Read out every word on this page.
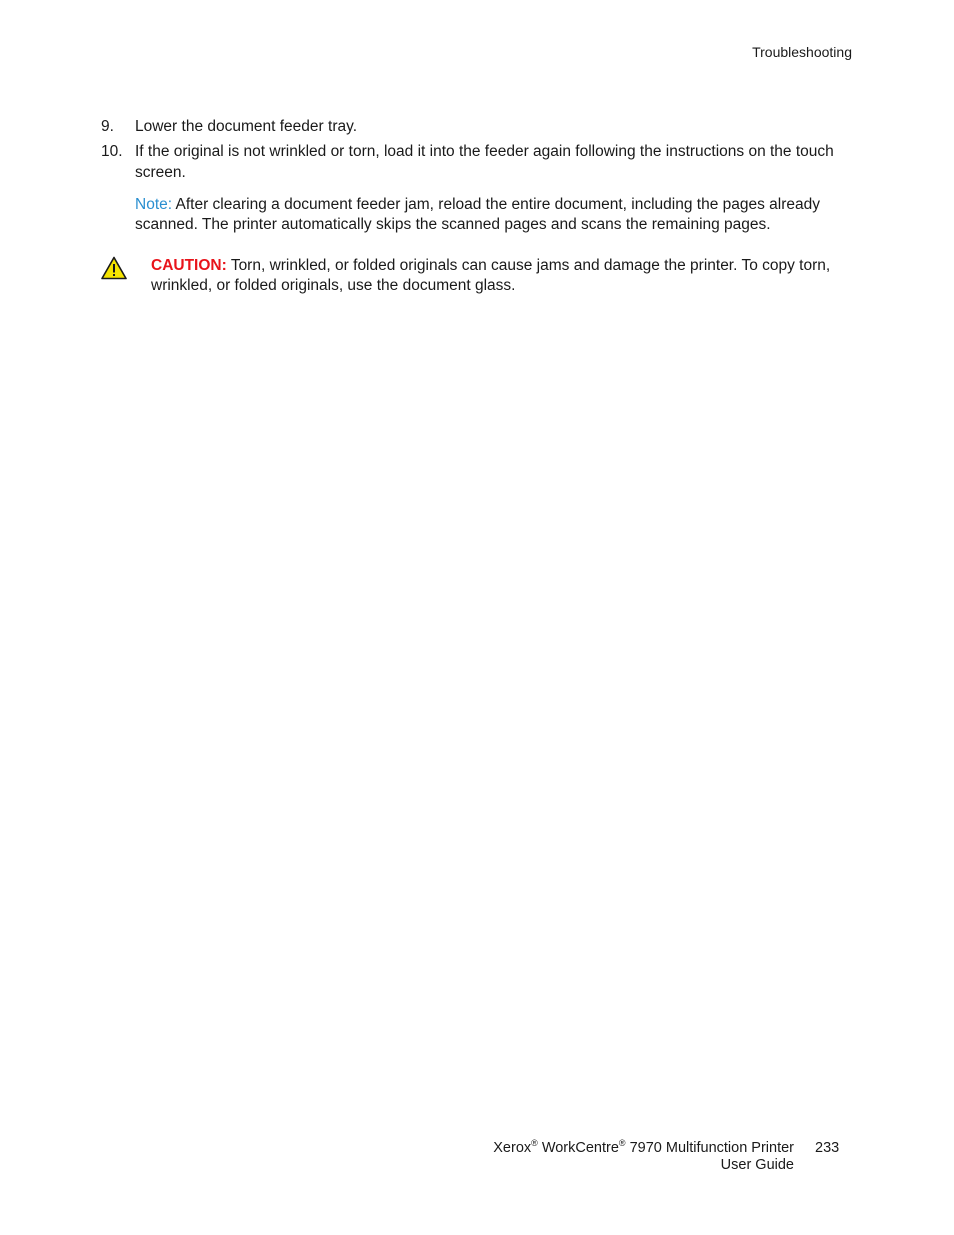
Troubleshooting
9. Lower the document feeder tray.
10. If the original is not wrinkled or torn, load it into the feeder again following the instructions on the touch screen.
Note: After clearing a document feeder jam, reload the entire document, including the pages already scanned. The printer automatically skips the scanned pages and scans the remaining pages.
CAUTION: Torn, wrinkled, or folded originals can cause jams and damage the printer. To copy torn, wrinkled, or folded originals, use the document glass.
Xerox® WorkCentre® 7970 Multifunction Printer
User Guide
233
